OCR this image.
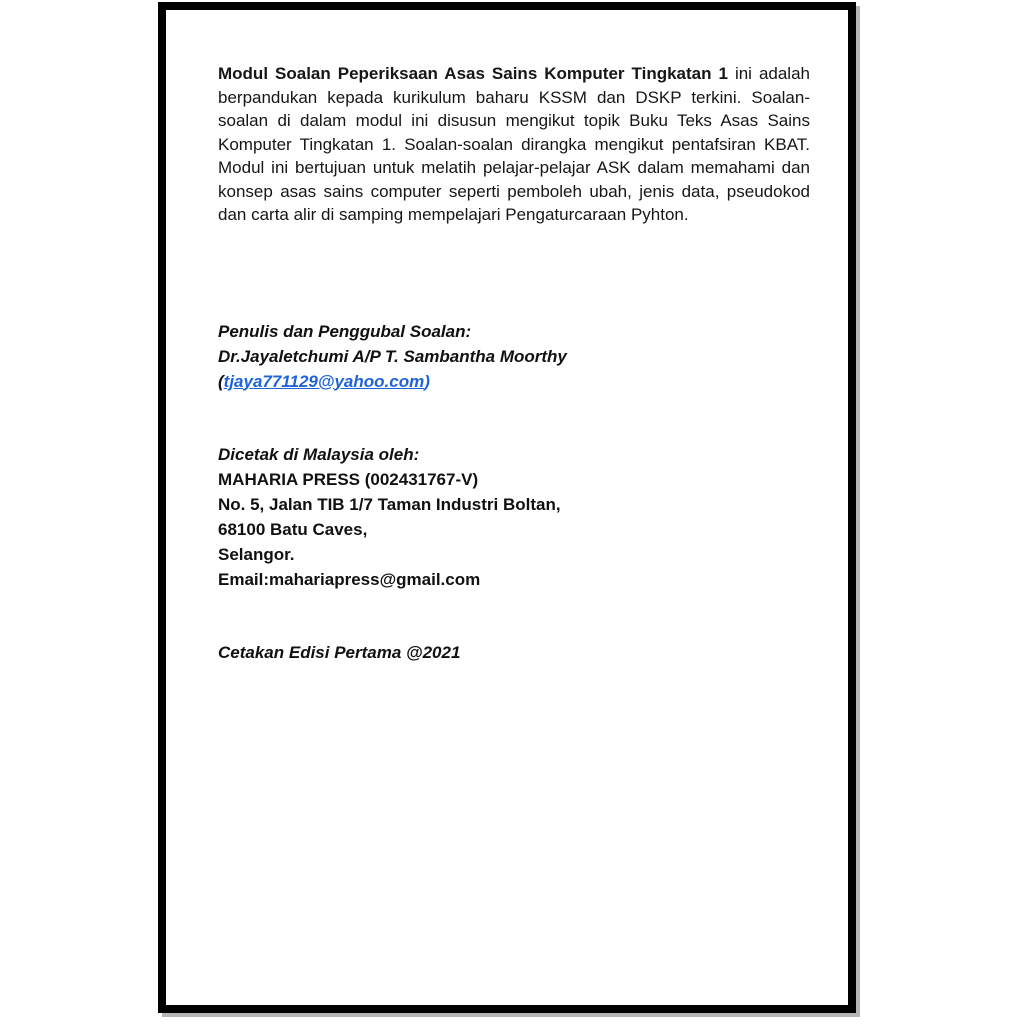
Modul Soalan Peperiksaan Asas Sains Komputer Tingkatan 1 ini adalah berpandukan kepada kurikulum baharu KSSM dan DSKP terkini. Soalan-soalan di dalam modul ini disusun mengikut topik Buku Teks Asas Sains Komputer Tingkatan 1. Soalan-soalan dirangka mengikut pentafsiran KBAT. Modul ini bertujuan untuk melatih pelajar-pelajar ASK dalam memahami dan konsep asas sains computer seperti pemboleh ubah, jenis data, pseudokod dan carta alir di samping mempelajari Pengaturcaraan Pyhton.

Penulis dan Penggubal Soalan:
Dr.Jayaletchumi A/P T. Sambantha Moorthy
(tjaya771129@yahoo.com)
Dicetak di Malaysia oleh:
MAHARIA PRESS (002431767-V)
No. 5, Jalan TIB 1/7 Taman Industri Boltan,
68100 Batu Caves,
Selangor.
Email:mahariapress@gmail.com
Cetakan Edisi Pertama @2021
